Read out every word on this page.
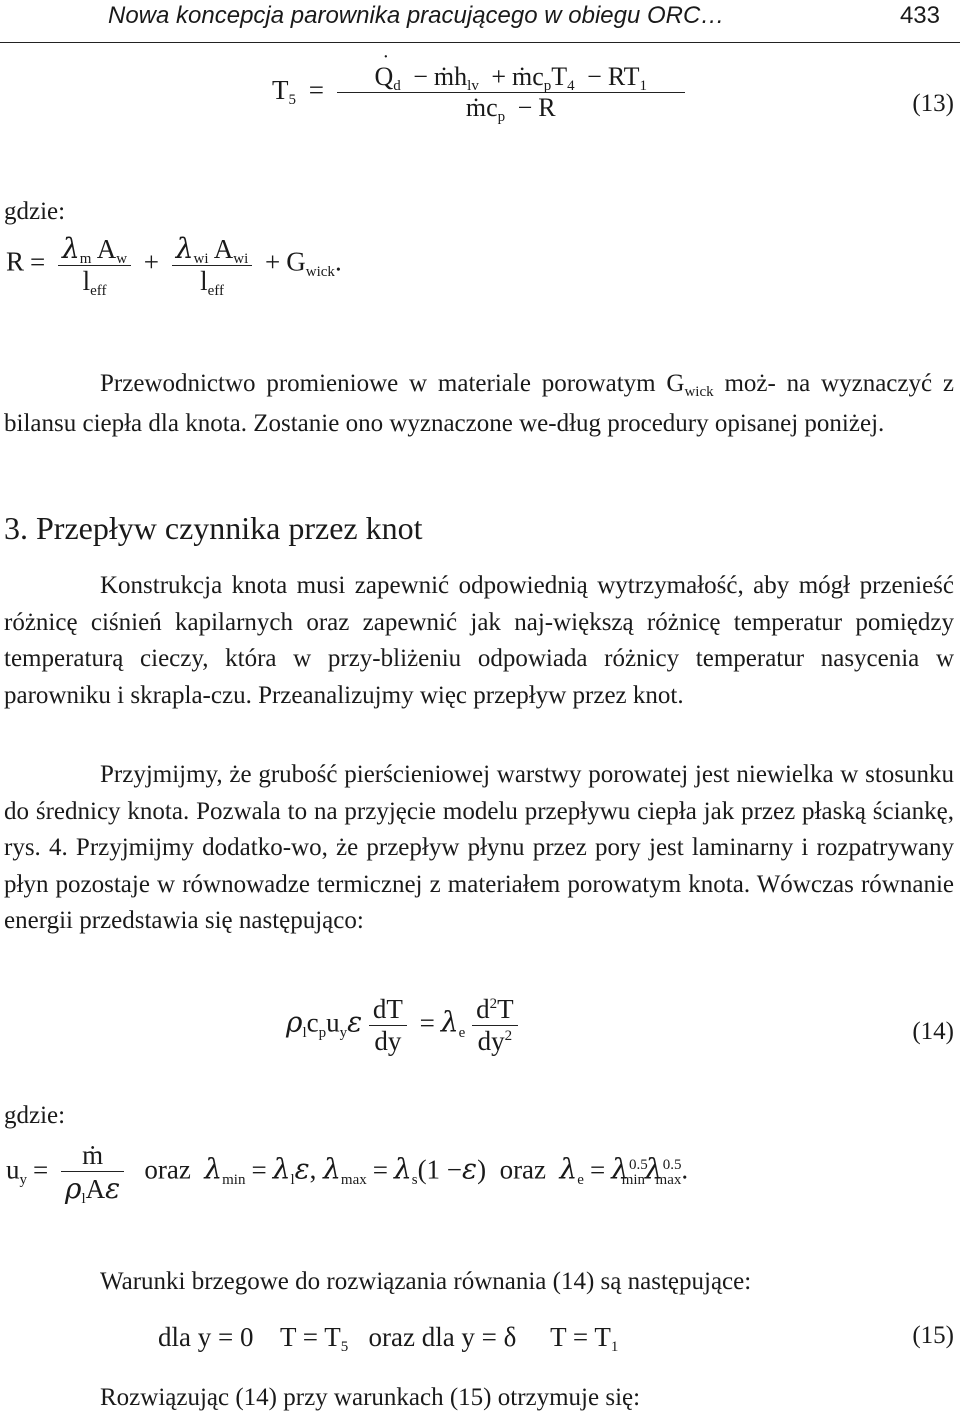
Nowa koncepcja parownika pracującego w obiegu ORC…	433
T5 = Q
·
d − ṁhlv + ṁcpT4 − RT1
ṁcp − R	(13)
gdzie:
$R = \frac{\text{λm Aw}}{\text{leff}} + \frac{\text{λwi Awi}}{\text{leff}}$ + Gwick.
Przewodnictwo promieniowe w materiale porowatym $G_{wick}$ moż- na wyznaczyć z bilansu ciepła dla knota. Zostanie ono wyznaczone we-dług procedury opisanej poniżej.
3. Przepływ czynnika przez knot
Konstrukcja knota musi zapewnić odpowiednią wytrzymałość, aby mógł przenieść różnicę ciśnień kapilarnych oraz zapewnić jak naj-większą różnicę temperatur pomiędzy temperaturą cieczy, która w przy-bliżeniu odpowiada różnicy temperatur nasycenia w parowniku i skrapla-czu. Przeanalizujmy więc przepływ przez knot.
Przyjmijmy, że grubość pierścieniowej warstwy porowatej jest niewielka w stosunku do średnicy knota. Pozwala to na przyjęcie modelu przepływu ciepła jak przez płaską ściankę, rys. 4. Przyjmijmy dodatko-wo, że przepływ płynu przez pory jest laminarny i rozpatrywany płyn pozostaje w równowadze termicznej z materiałem porowatym knota. Wówczas równanie energii przedstawia się następująco:
ρlcpuyε $\frac{dT}{dy} = \lambda e \frac{d^2T}{dy^2}$	(14)
gdzie:
uy = $\frac{\text{ṁ}}{\text{ρlAε}}$ oraz λmin = λlε, λmax = λs(1 −ε) oraz $\lambda e = \lambda^{0.5}\min\lambda^{0.5}\max$.
Warunki brzegowe do rozwiązania równania (14) są następujące:
dla y = 0 T = T5 oraz dla y = δ T = T1	(15)
Rozwiązując (14) przy warunkach (15) otrzymuje się:
